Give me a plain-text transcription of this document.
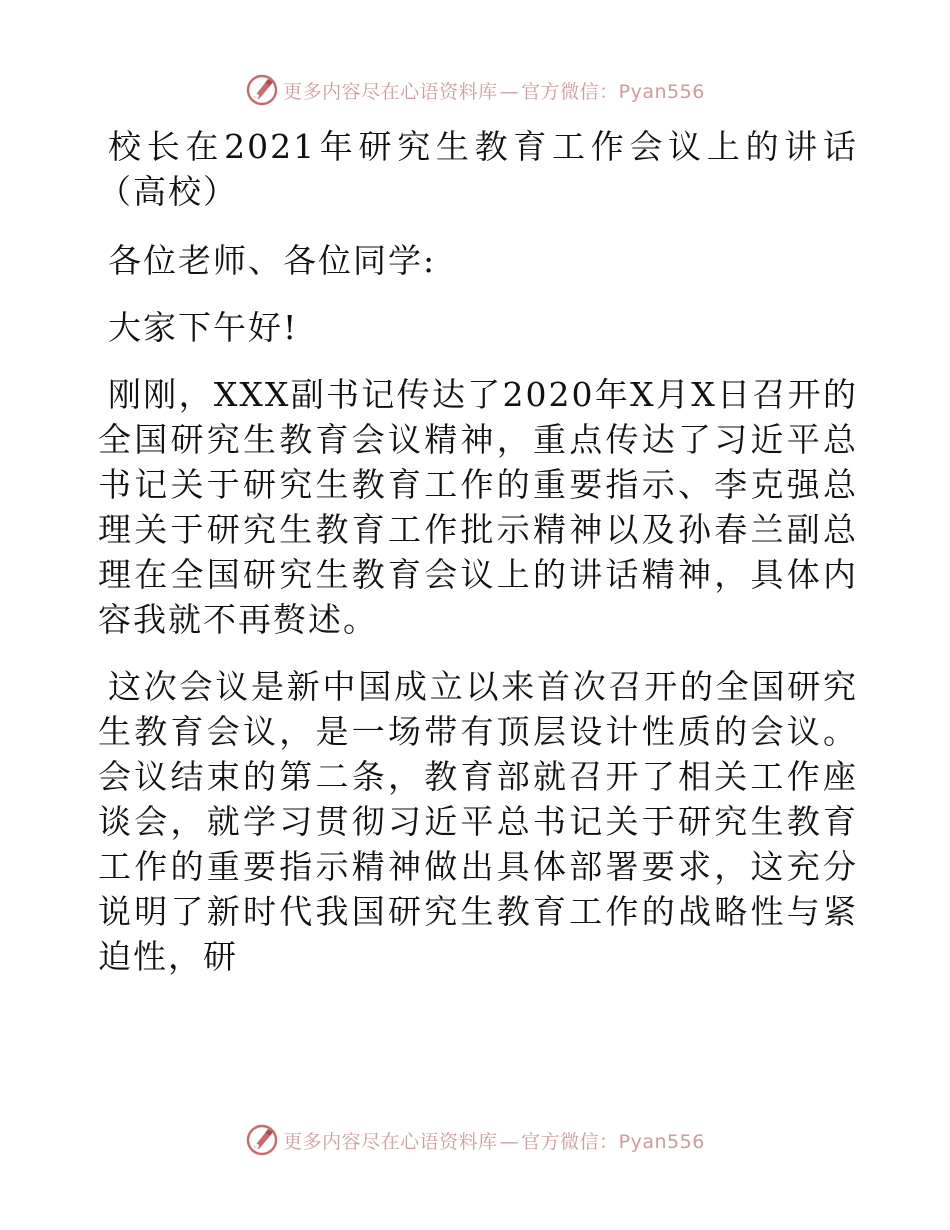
更多内容尽在心语资料库 — 官方微信：Pyan556

校长在2021年研究生教育工作会议上的讲话（高校）

各位老师、各位同学:

大家下午好!

刚刚，XXX副书记传达了2020年X月X日召开的全国研究生教育会议精神，重点传达了习近平总书记关于研究生教育工作的重要指示、李克强总理关于研究生教育工作批示精神以及孙春兰副总理在全国研究生教育会议上的讲话精神，具体内容我就不再赘述。

这次会议是新中国成立以来首次召开的全国研究生教育会议，是一场带有顶层设计性质的会议。会议结束的第二条，教育部就召开了相关工作座谈会，就学习贯彻习近平总书记关于研究生教育工作的重要指示精神做出具体部署要求，这充分说明了新时代我国研究生教育工作的战略性与紧迫性，研

更多内容尽在心语资料库 — 官方微信：Pyan556
